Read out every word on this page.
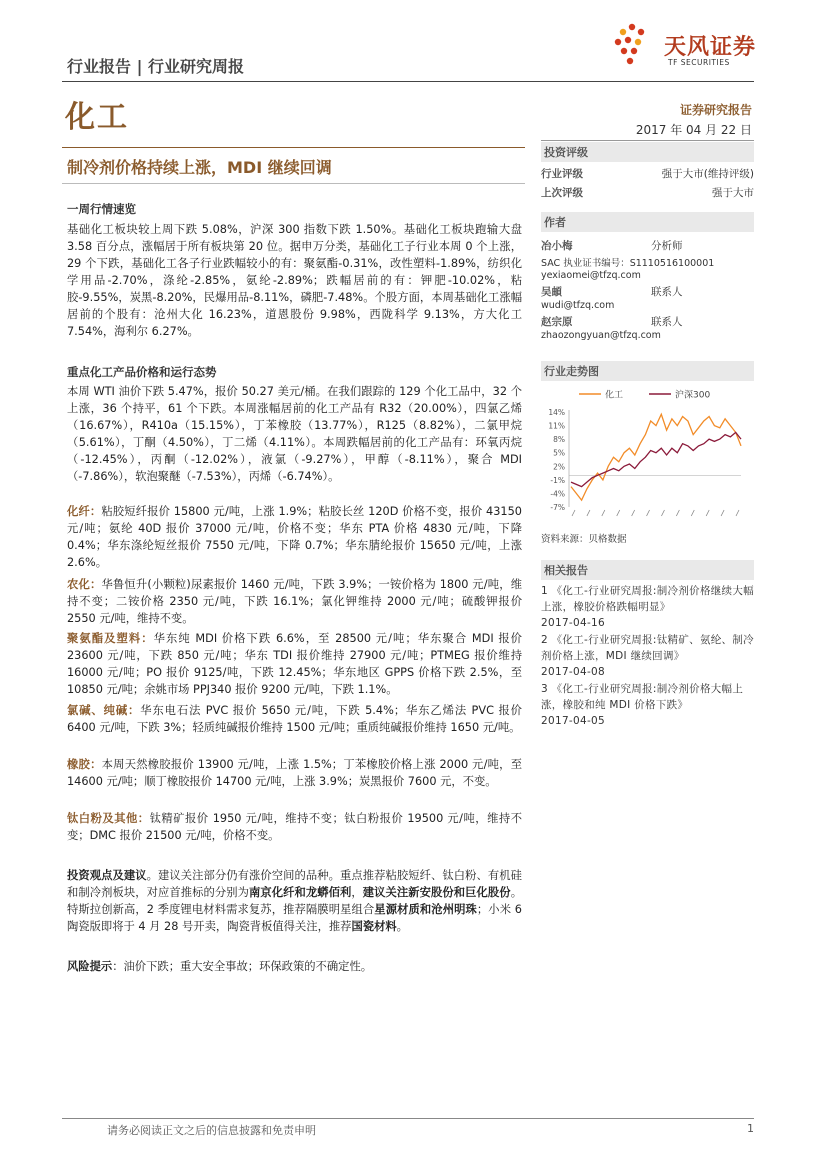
行业报告 | 行业研究周报
天风证券
TF SECURITIES
化工	证券研究报告
2017 年 04 月 22 日
制冷剂价格持续上涨，MDI 继续回调
一周行情速览
基础化工板块较上周下跌 5.08%，沪深 300 指数下跌 1.50%。基础化工板块跑输大盘 3.58 百分点，涨幅居于所有板块第 20 位。据申万分类，基础化工子行业本周 0 个上涨，29 个下跌，基础化工各子行业跌幅较小的有：聚氨酯-0.31%，改性塑料-1.89%，纺织化学用品-2.70%，涤纶-2.85%，氨纶-2.89%；跌幅居前的有：钾肥-10.02%，粘胶-9.55%，炭黑-8.20%，民爆用品-8.11%，磷肥-7.48%。个股方面，本周基础化工涨幅居前的个股有：沧州大化 16.23%，道恩股份 9.98%，西陇科学 9.13%，方大化工 7.54%，海利尔 6.27%。
重点化工产品价格和运行态势
本周 WTI 油价下跌 5.47%，报价 50.27 美元/桶。在我们跟踪的 129 个化工品中，32 个上涨，36 个持平，61 个下跌。本周涨幅居前的化工产品有 R32（20.00%），四氯乙烯（16.67%），R410a（15.15%），丁苯橡胶（13.77%），R125（8.82%），二氯甲烷（5.61%），丁酮（4.50%），丁二烯（4.11%）。本周跌幅居前的化工产品有：环氧丙烷（-12.45%），丙酮（-12.02%），液氯（-9.27%），甲醇（-8.11%），聚合 MDI（-7.86%），软泡聚醚（-7.53%），丙烯（-6.74%）。
化纤：粘胶短纤报价 15800 元/吨，上涨 1.9%；粘胶长丝 120D 价格不变，报价 43150 元/吨；氨纶 40D 报价 37000 元/吨，价格不变；华东 PTA 价格 4830 元/吨，下降 0.4%；华东涤纶短丝报价 7550 元/吨，下降 0.7%；华东腈纶报价 15650 元/吨，上涨 2.6%。
农化：华鲁恒升(小颗粒)尿素报价 1460 元/吨，下跌 3.9%；一铵价格为 1800 元/吨，维持不变；二铵价格 2350 元/吨，下跌 16.1%；氯化钾维持 2000 元/吨；硫酸钾报价 2550 元/吨，维持不变。
聚氨酯及塑料：华东纯 MDI 价格下跌 6.6%，至 28500 元/吨；华东聚合 MDI 报价 23600 元/吨，下跌 850 元/吨；华东 TDI 报价维持 27900 元/吨；PTMEG 报价维持 16000 元/吨；PO 报价 9125/吨，下跌 12.45%；华东地区 GPPS 价格下跌 2.5%，至 10850 元/吨；余姚市场 PPJ340 报价 9200 元/吨，下跌 1.1%。
氯碱、纯碱：华东电石法 PVC 报价 5650 元/吨，下跌 5.4%；华东乙烯法 PVC 报价 6400 元/吨，下跌 3%；轻质纯碱报价维持 1500 元/吨；重质纯碱报价维持 1650 元/吨。
橡胶：本周天然橡胶报价 13900 元/吨，上涨 1.5%；丁苯橡胶价格上涨 2000 元/吨，至 14600 元/吨；顺丁橡胶报价 14700 元/吨，上涨 3.9%；炭黑报价 7600 元，不变。
钛白粉及其他：钛精矿报价 1950 元/吨，维持不变；钛白粉报价 19500 元/吨，维持不变；DMC 报价 21500 元/吨，价格不变。
投资观点及建议。建议关注部分仍有涨价空间的品种。重点推荐粘胶短纤、钛白粉、有机硅和制冷剂板块，对应首推标的分别为南京化纤和龙蟒佰利，建议关注新安股份和巨化股份。特斯拉创新高，2 季度锂电材料需求复苏，推荐隔膜明星组合星源材质和沧州明珠；小米 6 陶瓷版即将于 4 月 28 号开卖，陶瓷背板值得关注，推荐国瓷材料。
风险提示：油价下跌；重大安全事故；环保政策的不确定性。
投资评级
行业评级	强于大市(维持评级)
上次评级	强于大市
作者
冶小梅	分析师
SAC 执业证书编号：S1110516100001
yexiaomei@tfzq.com
吴頔	联系人
wudi@tfzq.com
赵宗原	联系人
zhaozongyuan@tfzq.com
行业走势图
化工	沪深300
14%
11%
8%
5%
2%
-1%
-4%
-7%
资料来源：贝格数据
相关报告
1 《化工-行业研究周报:制冷剂价格继续大幅上涨，橡胶价格跌幅明显》
2017-04-16
2 《化工-行业研究周报:钛精矿、氨纶、制冷剂价格上涨，MDI 继续回调》
2017-04-08
3 《化工-行业研究周报:制冷剂价格大幅上涨，橡胶和纯 MDI 价格下跌》
2017-04-05
请务必阅读正文之后的信息披露和免责申明	1
